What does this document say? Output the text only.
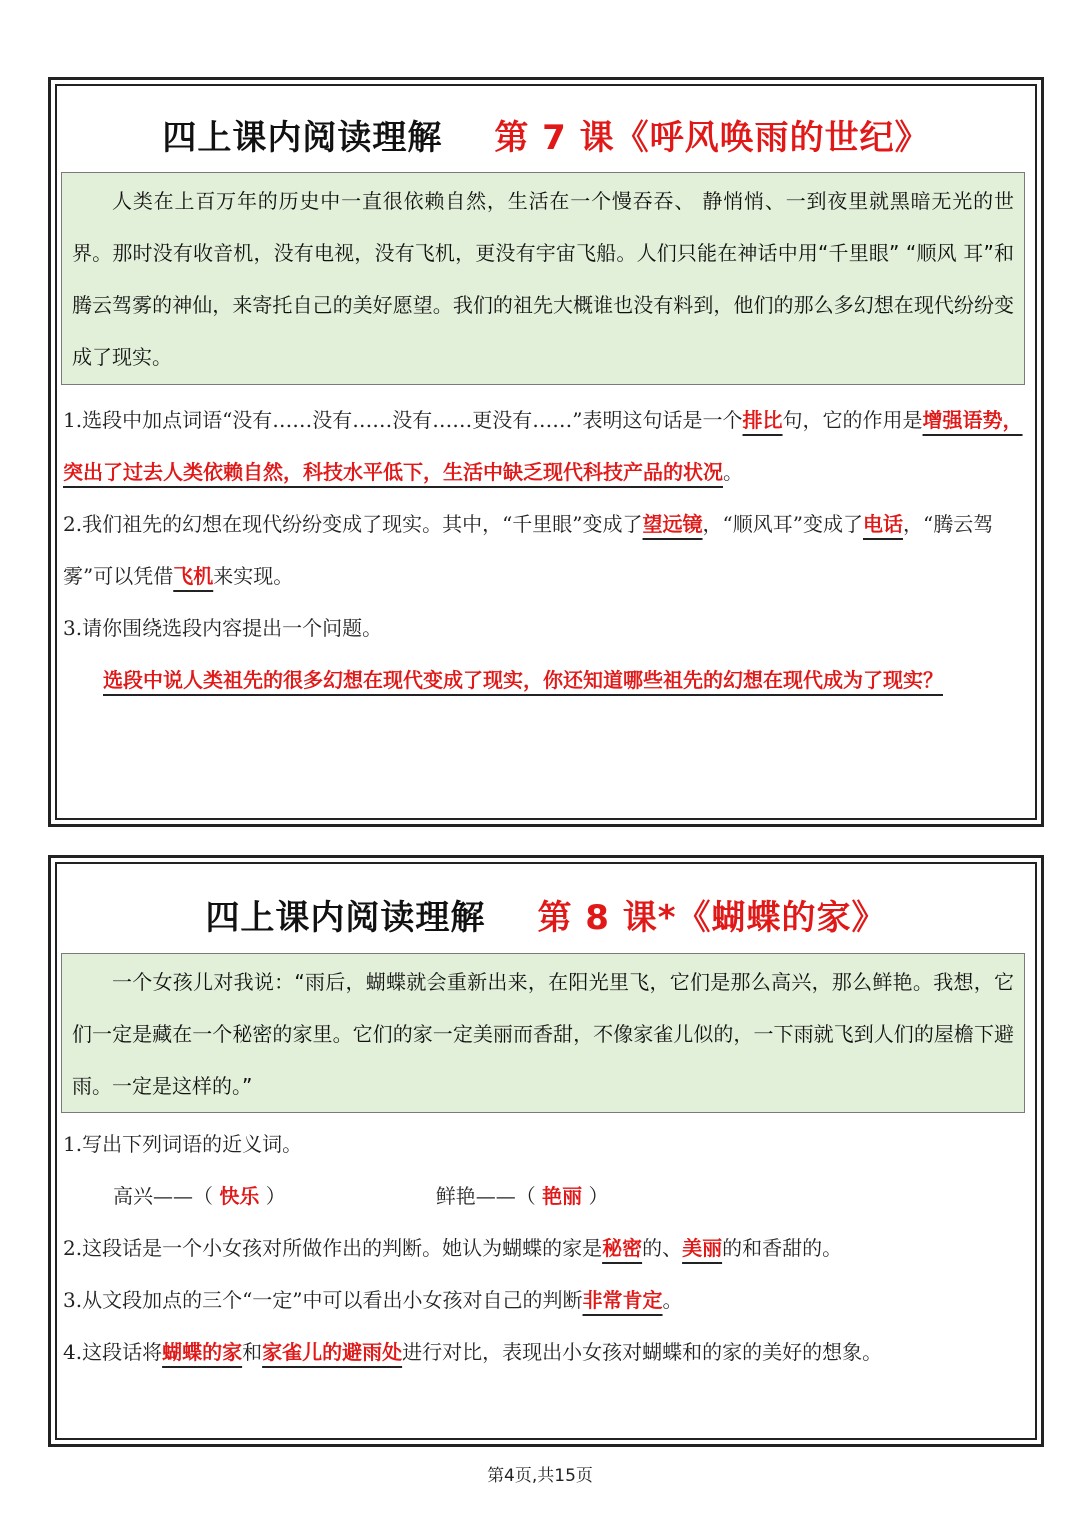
四上课内阅读理解 第 7 课《呼风唤雨的世纪》

人类在上百万年的历史中一直很依赖自然，生活在一个慢吞吞、 静悄悄、一到夜里就黑暗无光的世界。那时没有收音机，没有电视，没有飞机，更没有宇宙飞船。人们只能在神话中用“千里眼” “顺风 耳”和腾云驾雾的神仙，来寄托自己的美好愿望。我们的祖先大概谁也没有料到，他们的那么多幻想在现代纷纷变成了现实。

1.选段中加点词语“没有……没有……没有……更没有……”表明这句话是一个排比句，它的作用是增强语势，突出了过去人类依赖自然，科技水平低下，生活中缺乏现代科技产品的状况。

2.我们祖先的幻想在现代纷纷变成了现实。其中，“千里眼”变成了望远镜，“顺风耳”变成了电话，“腾云驾雾”可以凭借飞机来实现。

3.请你围绕选段内容提出一个问题。

选段中说人类祖先的很多幻想在现代变成了现实，你还知道哪些祖先的幻想在现代成为了现实？

四上课内阅读理解 第 8 课*《蝴蝶的家》

一个女孩儿对我说：“雨后，蝴蝶就会重新出来，在阳光里飞，它们是那么高兴，那么鲜艳。我想，它们一定是藏在一个秘密的家里。它们的家一定美丽而香甜，不像家雀儿似的，一下雨就飞到人们的屋檐下避雨。一定是这样的。”

1.写出下列词语的近义词。

高兴——（ 快乐 ）	鲜艳——（ 艳丽 ）

2.这段话是一个小女孩对所做作出的判断。她认为蝴蝶的家是秘密的、美丽的和香甜的。

3.从文段加点的三个“一定”中可以看出小女孩对自己的判断非常肯定。

4.这段话将蝴蝶的家和家雀儿的避雨处进行对比，表现出小女孩对蝴蝶和的家的美好的想象。

第4页,共15页
